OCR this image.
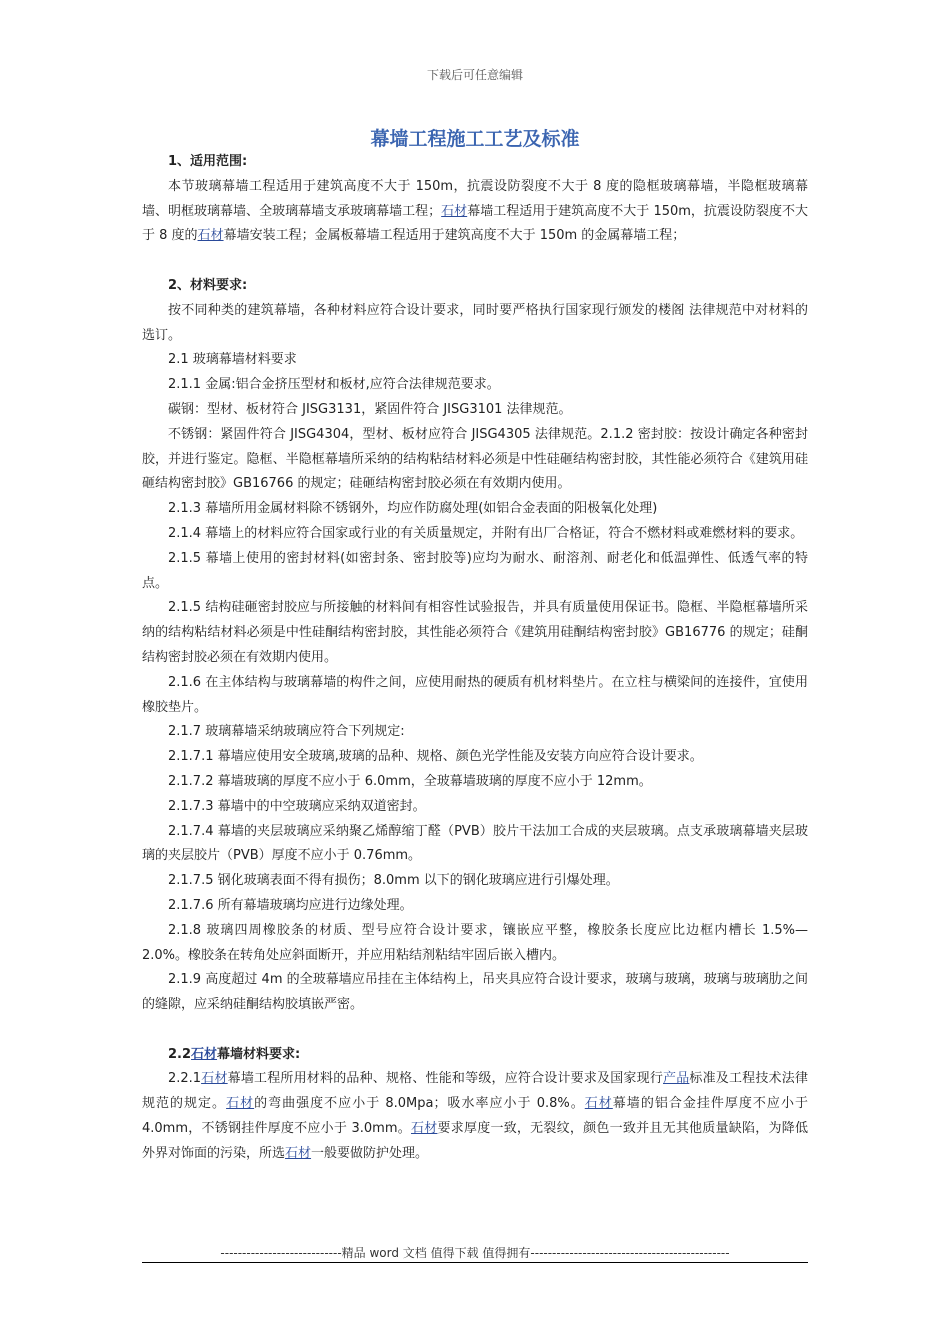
下载后可任意编辑
幕墙工程施工工艺及标准

1、适用范围:

本节玻璃幕墙工程适用于建筑高度不大于 150m，抗震设防裂度不大于 8 度的隐框玻璃幕墙，半隐框玻璃幕墙、明框玻璃幕墙、全玻璃幕墙支承玻璃幕墙工程；石材幕墙工程适用于建筑高度不大于 150m，抗震设防裂度不大于 8 度的石材幕墙安装工程；金属板幕墙工程适用于建筑高度不大于 150m 的金属幕墙工程；

2、材料要求:

按不同种类的建筑幕墙，各种材料应符合设计要求，同时要严格执行国家现行颁发的楼阁 法律规范中对材料的选订。

2.1 玻璃幕墙材料要求

2.1.1 金属:铝合金挤压型材和板材,应符合法律规范要求。

碳钢：型材、板材符合 JISG3131，紧固件符合 JISG3101 法律规范。

不锈钢：紧固件符合 JISG4304，型材、板材应符合 JISG4305 法律规范。2.1.2 密封胶：按设计确定各种密封胶，并进行鉴定。隐框、半隐框幕墙所采纳的结构粘结材料必须是中性硅砸结构密封胶，其性能必须符合《建筑用硅砸结构密封胶》GB16766 的规定；硅砸结构密封胶必须在有效期内使用。

2.1.3 幕墙所用金属材料除不锈钢外，均应作防腐处理(如铝合金表面的阳极氧化处理)

2.1.4 幕墙上的材料应符合国家或行业的有关质量规定，并附有出厂合格证，符合不燃材料或难燃材料的要求。

2.1.5 幕墙上使用的密封材料(如密封条、密封胶等)应均为耐水、耐溶剂、耐老化和低温弹性、低透气率的特点。

2.1.5 结构硅砸密封胶应与所接触的材料间有相容性试验报告，并具有质量使用保证书。隐框、半隐框幕墙所采纳的结构粘结材料必须是中性硅酮结构密封胶，其性能必须符合《建筑用硅酮结构密封胶》GB16776 的规定；硅酮结构密封胶必须在有效期内使用。

2.1.6 在主体结构与玻璃幕墙的构件之间，应使用耐热的硬质有机材料垫片。在立柱与横梁间的连接件，宜使用橡胶垫片。

2.1.7 玻璃幕墙采纳玻璃应符合下列规定:

2.1.7.1 幕墙应使用安全玻璃,玻璃的品种、规格、颜色光学性能及安装方向应符合设计要求。

2.1.7.2 幕墙玻璃的厚度不应小于 6.0mm，全玻幕墙玻璃的厚度不应小于 12mm。

2.1.7.3 幕墙中的中空玻璃应采纳双道密封。

2.1.7.4 幕墙的夹层玻璃应采纳聚乙烯醇缩丁醛（PVB）胶片干法加工合成的夹层玻璃。点支承玻璃幕墙夹层玻璃的夹层胶片（PVB）厚度不应小于 0.76mm。

2.1.7.5 钢化玻璃表面不得有损伤；8.0mm 以下的钢化玻璃应进行引爆处理。

2.1.7.6 所有幕墙玻璃均应进行边缘处理。

2.1.8 玻璃四周橡胶条的材质、型号应符合设计要求，镶嵌应平整，橡胶条长度应比边框内槽长 1.5%—2.0%。橡胶条在转角处应斜面断开，并应用粘结剂粘结牢固后嵌入槽内。

2.1.9 高度超过 4m 的全玻幕墙应吊挂在主体结构上，吊夹具应符合设计要求，玻璃与玻璃，玻璃与玻璃肋之间的缝隙，应采纳硅酮结构胶填嵌严密。

2.2石材幕墙材料要求:

2.2.1石材幕墙工程所用材料的品种、规格、性能和等级，应符合设计要求及国家现行产品标准及工程技术法律规范的规定。石材的弯曲强度不应小于 8.0Mpa；吸水率应小于 0.8%。石材幕墙的铝合金挂件厚度不应小于 4.0mm，不锈钢挂件厚度不应小于 3.0mm。石材要求厚度一致，无裂纹，颜色一致并且无其他质量缺陷，为降低外界对饰面的污染，所选石材一般要做防护处理。

----------------------------精品 word 文档 值得下载 值得拥有----------------------------------------------
